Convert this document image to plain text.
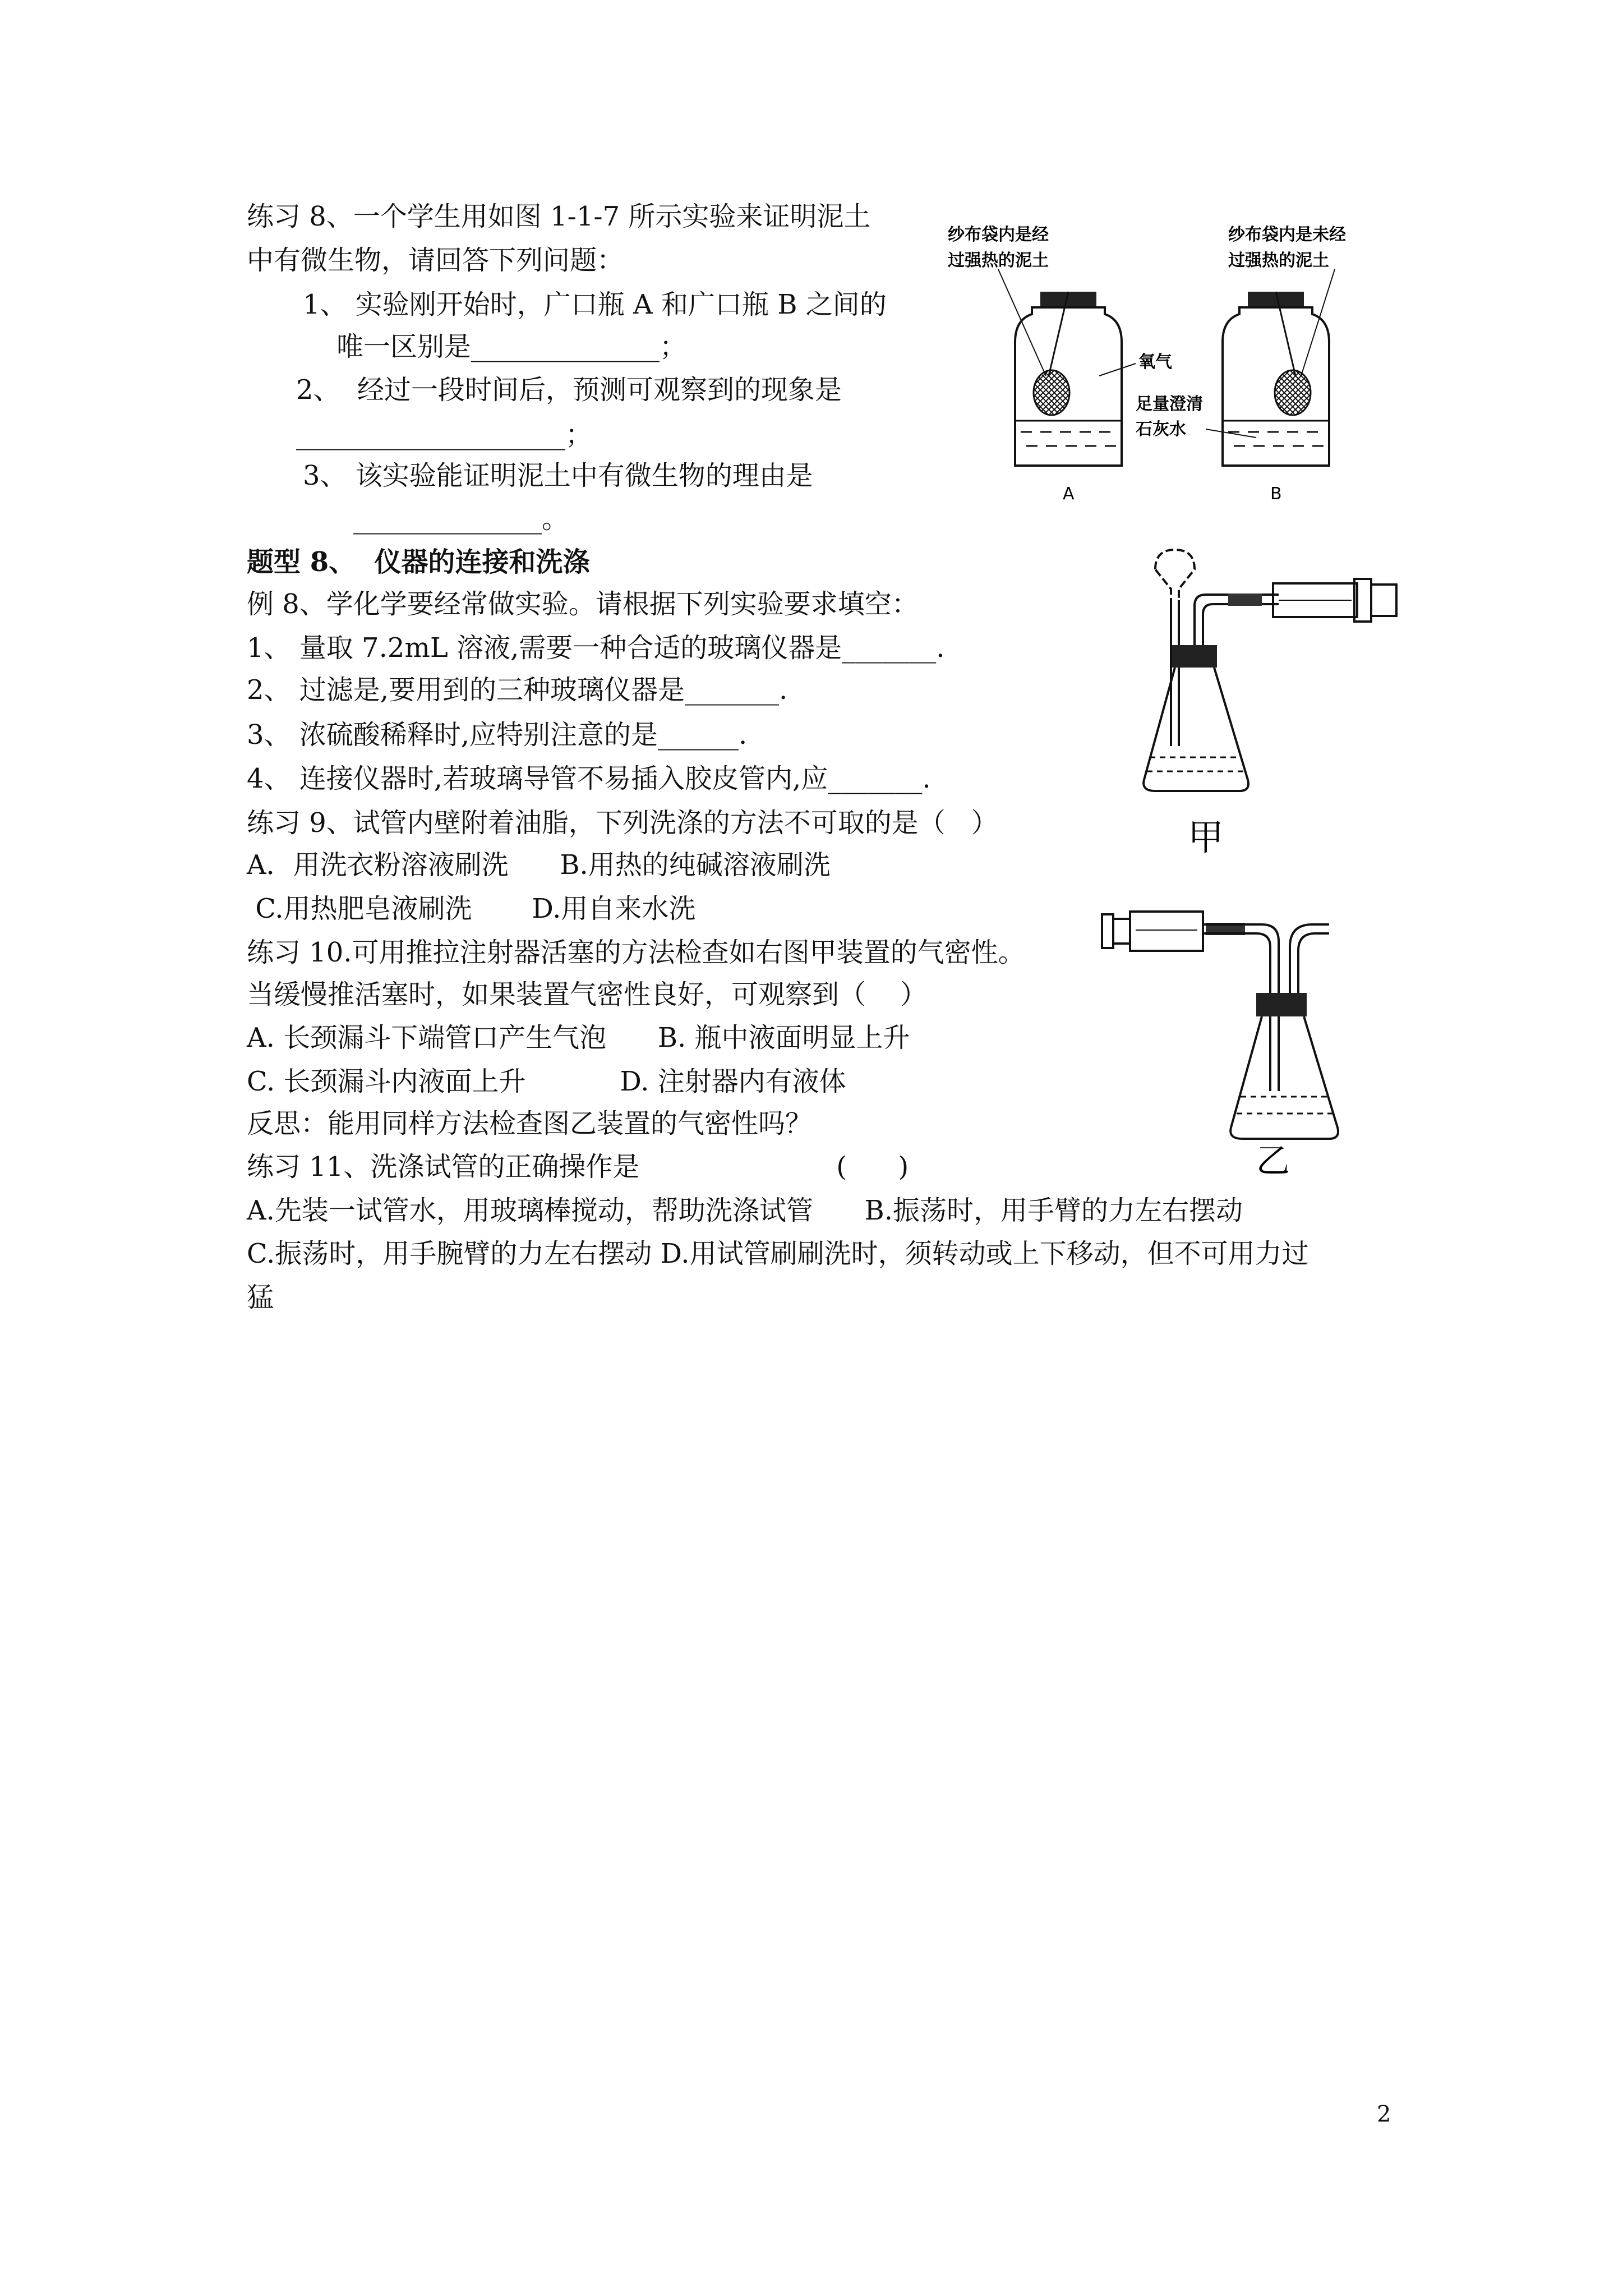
练习 8、一个学生用如图 1-1-7 所示实验来证明泥土
中有微生物，请回答下列问题：
1、 实验刚开始时，广口瓶 A 和广口瓶 B 之间的
唯一区别是______________；
2、  经过一段时间后，预测可观察到的现象是
____________________；
3、 该实验能证明泥土中有微生物的理由是
______________。
纱布袋内是经
过强热的泥土
纱布袋内是未经
过强热的泥土
A	B
氧气
足量澄清
石灰水
题型 8、  仪器的连接和洗涤
例 8、学化学要经常做实验。请根据下列实验要求填空：
1、 量取 7.2mL 溶液,需要一种合适的玻璃仪器是_______.
2、 过滤是,要用到的三种玻璃仪器是_______.
3、 浓硫酸稀释时,应特别注意的是______.
4、 连接仪器时,若玻璃导管不易插入胶皮管内,应_______.
练习 9、试管内壁附着油脂，下列洗涤的方法不可取的是（   ）
A．用洗衣粉溶液刷洗      B.用热的纯碱溶液刷洗
C.用热肥皂液刷洗       D.用自来水洗
练习 10.可用推拉注射器活塞的方法检查如右图甲装置的气密性。
当缓慢推活塞时，如果装置气密性良好，可观察到（    ）
A. 长颈漏斗下端管口产生气泡      B. 瓶中液面明显上升
C. 长颈漏斗内液面上升           D. 注射器内有液体
反思：能用同样方法检查图乙装置的气密性吗？
练习 11、洗涤试管的正确操作是                       (      )
A.先装一试管水，用玻璃棒搅动，帮助洗涤试管      B.振荡时，用手臂的力左右摆动
C.振荡时，用手腕臂的力左右摆动 D.用试管刷刷洗时，须转动或上下移动，但不可用力过
猛
甲
乙
2
